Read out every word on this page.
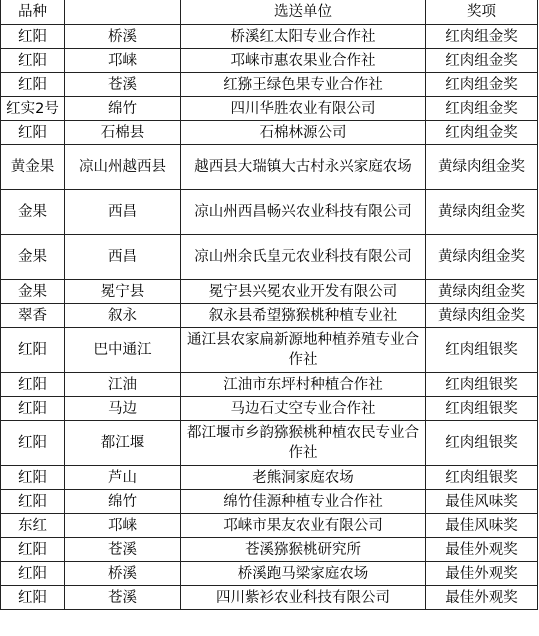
品种		选送单位	奖项
红阳	桥溪	桥溪红太阳专业合作社	红肉组金奖
红阳	邛崃	邛崃市惠农果业合作社	红肉组金奖
红阳	苍溪	红猕王绿色果专业合作社	红肉组金奖
红实2号	绵竹	四川华胜农业有限公司	红肉组金奖
红阳	石棉县	石棉林源公司	红肉组金奖
黄金果	凉山州越西县	越西县大瑞镇大古村永兴家庭农场	黄绿肉组金奖
金果	西昌	凉山州西昌畅兴农业科技有限公司	黄绿肉组金奖
金果	西昌	凉山州余氏皇元农业科技有限公司	黄绿肉组金奖
金果	冕宁县	冕宁县兴冕农业开发有限公司	黄绿肉组金奖
翠香	叙永	叙永县希望猕猴桃种植专业社	黄绿肉组金奖
红阳	巴中通江	通江县农家扁新源地种植养殖专业合作社	红肉组银奖
红阳	江油	江油市东坪村种植合作社	红肉组银奖
红阳	马边	马边石丈空专业合作社	红肉组银奖
红阳	都江堰	都江堰市乡韵猕猴桃种植农民专业合作社	红肉组银奖
红阳	芦山	老熊洞家庭农场	红肉组银奖
红阳	绵竹	绵竹佳源种植专业合作社	最佳风味奖
东红	邛崃	邛崃市果友农业有限公司	最佳风味奖
红阳	苍溪	苍溪猕猴桃研究所	最佳外观奖
红阳	桥溪	桥溪跑马梁家庭农场	最佳外观奖
红阳	苍溪	四川紫衫农业科技有限公司	最佳外观奖
